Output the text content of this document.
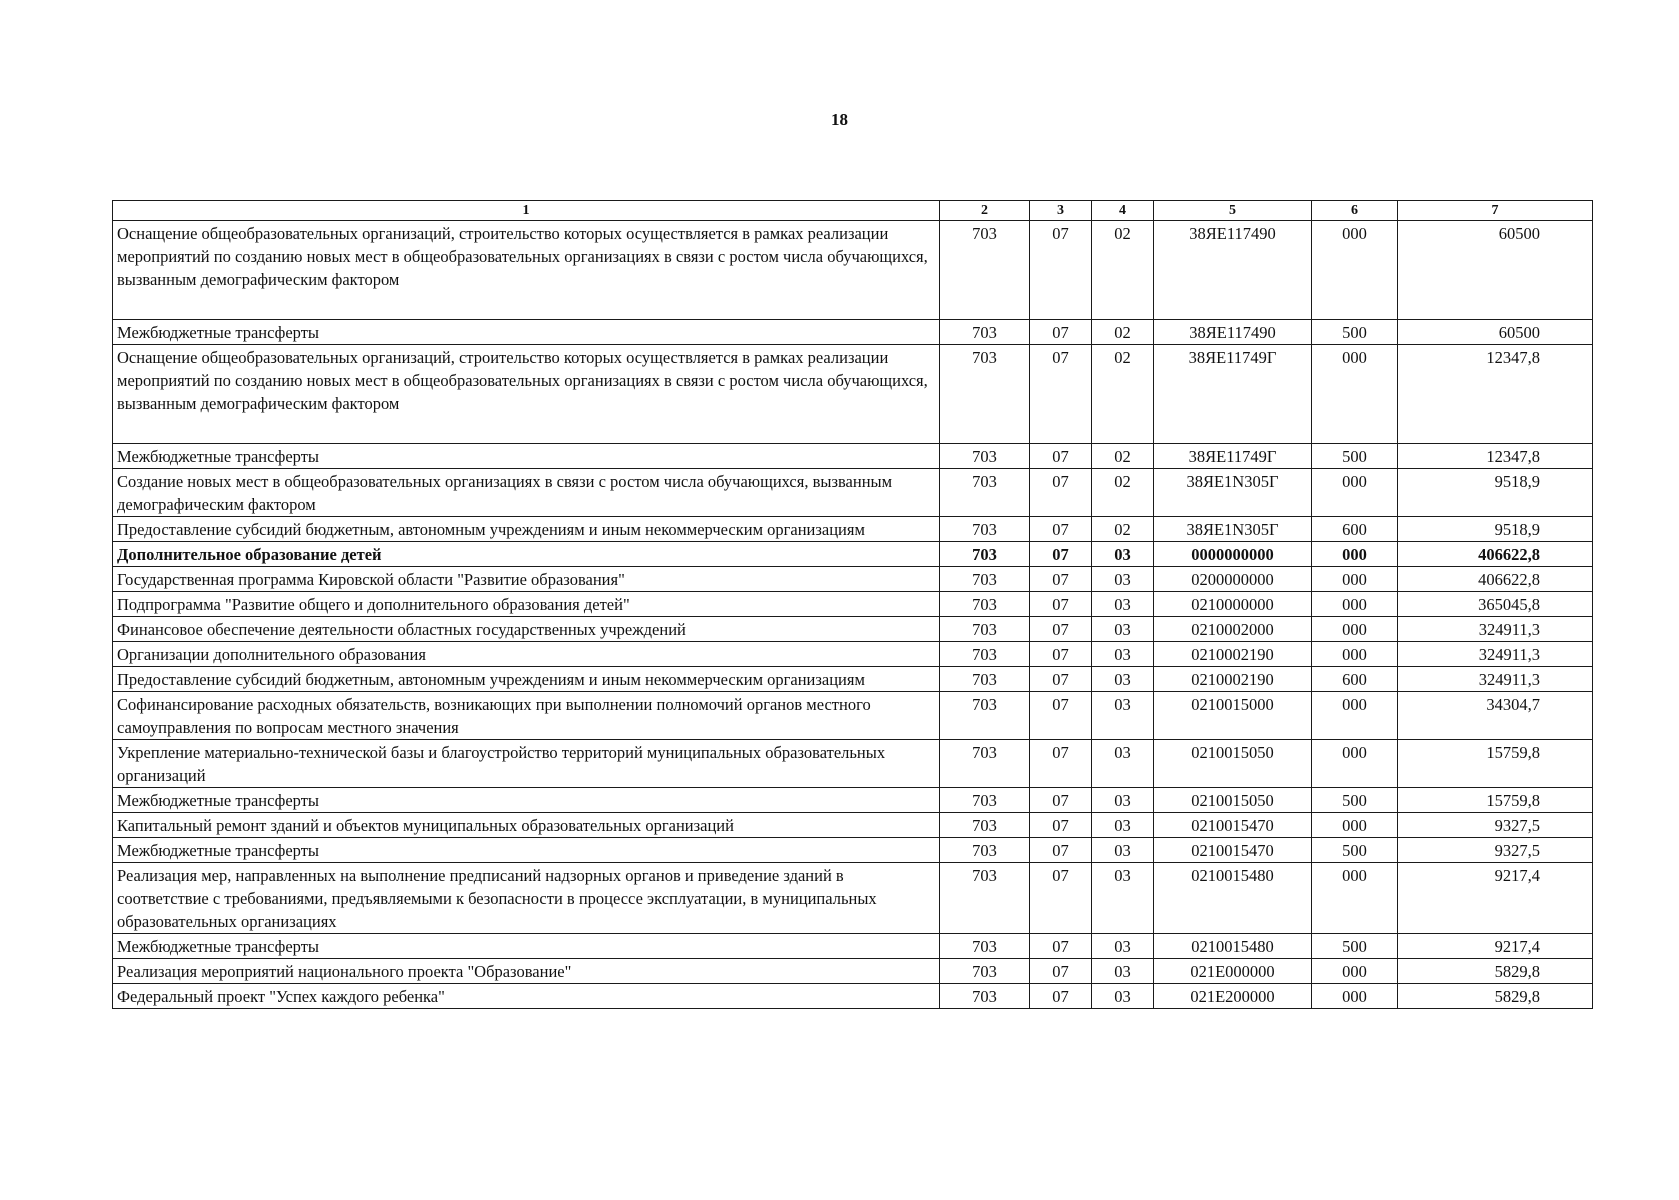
18
1	2	3	4	5	6	7
Оснащение общеобразовательных организаций, строительство которых осуществляется в рамках реализации мероприятий по созданию новых мест в общеобразовательных организациях в связи с ростом числа обучающихся, вызванным демографическим фактором	703	07	02	38ЯЕ117490	000	60500
Межбюджетные трансферты	703	07	02	38ЯЕ117490	500	60500
Оснащение общеобразовательных организаций, строительство которых осуществляется в рамках реализации мероприятий по созданию новых мест в общеобразовательных организациях в связи с ростом числа обучающихся, вызванным демографическим фактором	703	07	02	38ЯЕ11749Г	000	12347,8
Межбюджетные трансферты	703	07	02	38ЯЕ11749Г	500	12347,8
Создание новых мест в общеобразовательных организациях в связи с ростом числа обучающихся, вызванным демографическим фактором	703	07	02	38ЯЕ1N305Г	000	9518,9
Предоставление субсидий бюджетным, автономным учреждениям и иным некоммерческим организациям	703	07	02	38ЯЕ1N305Г	600	9518,9
Дополнительное образование детей	703	07	03	0000000000	000	406622,8
Государственная программа Кировской области "Развитие образования"	703	07	03	0200000000	000	406622,8
Подпрограмма "Развитие общего и дополнительного образования детей"	703	07	03	0210000000	000	365045,8
Финансовое обеспечение деятельности областных государственных учреждений	703	07	03	0210002000	000	324911,3
Организации дополнительного образования	703	07	03	0210002190	000	324911,3
Предоставление субсидий бюджетным, автономным учреждениям и иным некоммерческим организациям	703	07	03	0210002190	600	324911,3
Софинансирование расходных обязательств, возникающих при выполнении полномочий органов местного самоуправления по вопросам местного значения	703	07	03	0210015000	000	34304,7
Укрепление материально-технической базы и благоустройство территорий муниципальных образовательных организаций	703	07	03	0210015050	000	15759,8
Межбюджетные трансферты	703	07	03	0210015050	500	15759,8
Капитальный ремонт зданий и объектов муниципальных образовательных организаций	703	07	03	0210015470	000	9327,5
Межбюджетные трансферты	703	07	03	0210015470	500	9327,5
Реализация мер, направленных на выполнение предписаний надзорных органов и приведение зданий в соответствие с требованиями, предъявляемыми к безопасности в процессе эксплуатации, в муниципальных образовательных организациях	703	07	03	0210015480	000	9217,4
Межбюджетные трансферты	703	07	03	0210015480	500	9217,4
Реализация мероприятий национального проекта "Образование"	703	07	03	021E000000	000	5829,8
Федеральный проект "Успех каждого ребенка"	703	07	03	021E200000	000	5829,8
